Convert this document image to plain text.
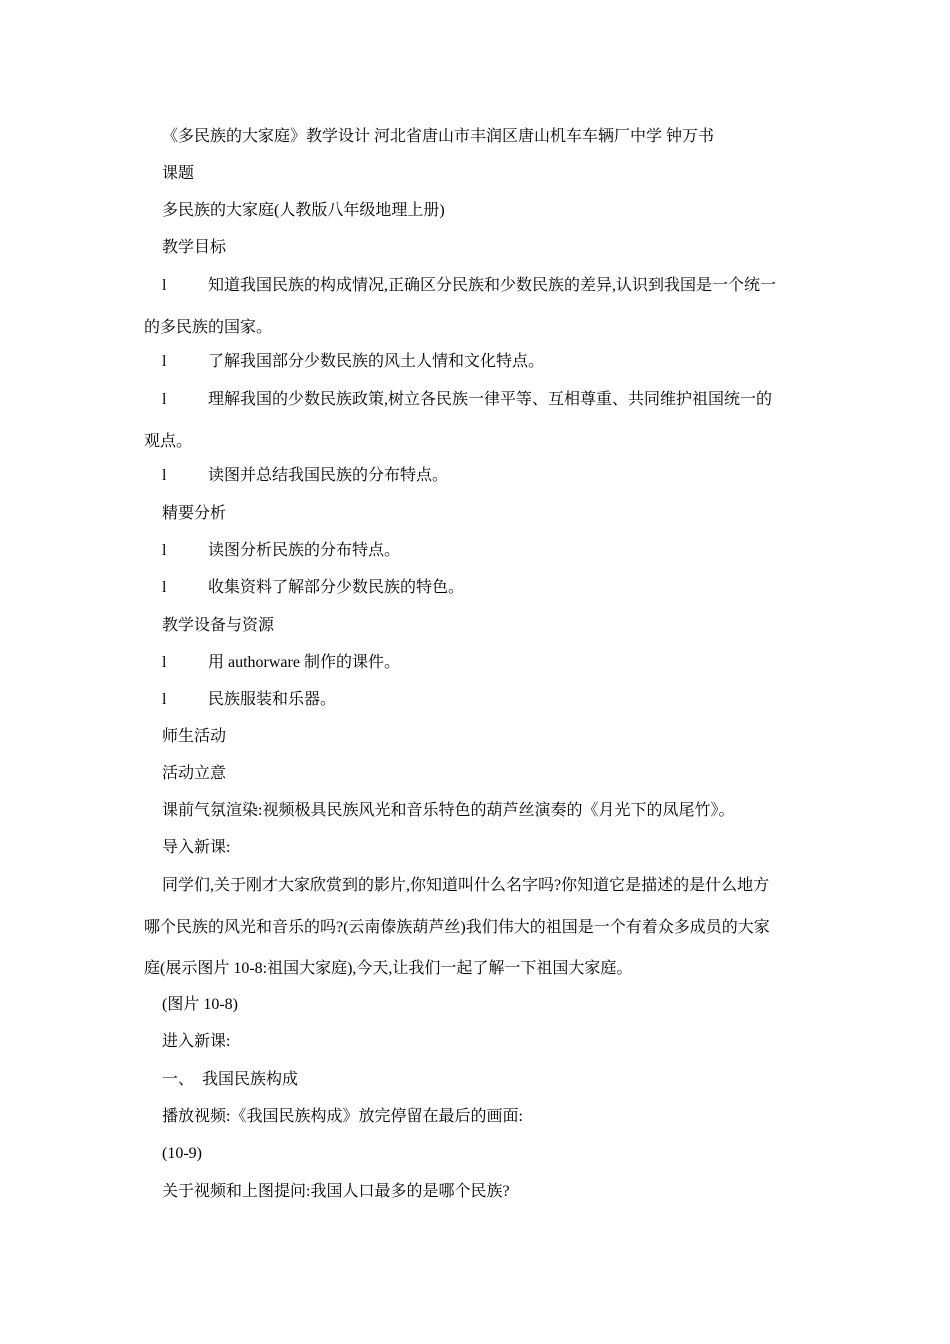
《多民族的大家庭》教学设计 河北省唐山市丰润区唐山机车车辆厂中学 钟万书
课题
多民族的大家庭(人教版八年级地理上册)
教学目标
l	知道我国民族的构成情况,正确区分民族和少数民族的差异,认识到我国是一个统一
的多民族的国家。
l	了解我国部分少数民族的风土人情和文化特点。
l	理解我国的少数民族政策,树立各民族一律平等、互相尊重、共同维护祖国统一的
观点。
l	读图并总结我国民族的分布特点。
精要分析
l	读图分析民族的分布特点。
l	收集资料了解部分少数民族的特色。
教学设备与资源
l	用 authorware 制作的课件。
l	民族服装和乐器。
师生活动
活动立意
课前气氛渲染:视频极具民族风光和音乐特色的葫芦丝演奏的《月光下的凤尾竹》。
导入新课:
同学们,关于刚才大家欣赏到的影片,你知道叫什么名字吗?你知道它是描述的是什么地方
哪个民族的风光和音乐的吗?(云南傣族葫芦丝)我们伟大的祖国是一个有着众多成员的大家
庭(展示图片 10-8:祖国大家庭),今天,让我们一起了解一下祖国大家庭。
(图片 10-8)
进入新课:
一、 我国民族构成
播放视频:《我国民族构成》放完停留在最后的画面:
(10-9)
关于视频和上图提问:我国人口最多的是哪个民族?
